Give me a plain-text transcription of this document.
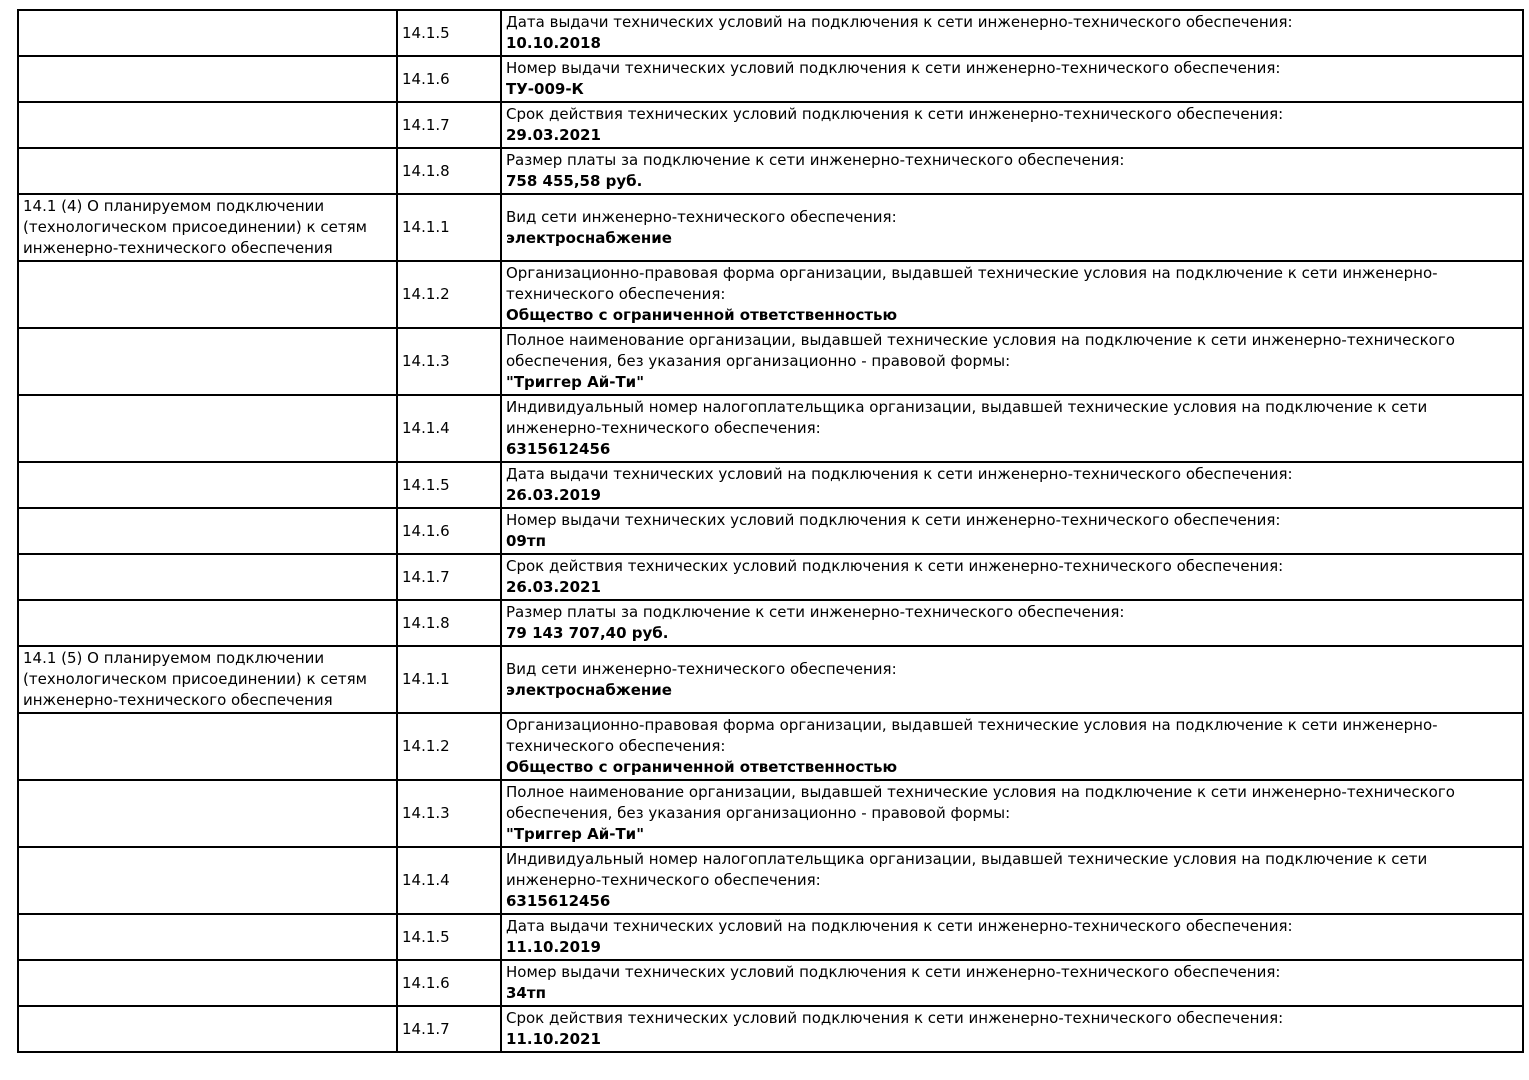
	14.1.5	Дата выдачи технических условий на подключения к сети инженерно-технического обеспечения:
10.10.2018

	14.1.6	Номер выдачи технических условий подключения к сети инженерно-технического обеспечения:
ТУ-009-К

	14.1.7	Срок действия технических условий подключения к сети инженерно-технического обеспечения:
29.03.2021

	14.1.8	Размер платы за подключение к сети инженерно-технического обеспечения:
758 455,58 руб.

14.1 (4) О планируемом подключении (технологическом присоединении) к сетям инженерно-технического обеспечения	14.1.1	Вид сети инженерно-технического обеспечения:
электроснабжение

	14.1.2	Организационно-правовая форма организации, выдавшей технические условия на подключение к сети инженерно-технического обеспечения:
Общество с ограниченной ответственностью

	14.1.3	Полное наименование организации, выдавшей технические условия на подключение к сети инженерно-технического обеспечения, без указания организационно - правовой формы:
"Триггер Ай-Ти"

	14.1.4	Индивидуальный номер налогоплательщика организации, выдавшей технические условия на подключение к сети инженерно-технического обеспечения:
6315612456

	14.1.5	Дата выдачи технических условий на подключения к сети инженерно-технического обеспечения:
26.03.2019

	14.1.6	Номер выдачи технических условий подключения к сети инженерно-технического обеспечения:
09тп

	14.1.7	Срок действия технических условий подключения к сети инженерно-технического обеспечения:
26.03.2021

	14.1.8	Размер платы за подключение к сети инженерно-технического обеспечения:
79 143 707,40 руб.

14.1 (5) О планируемом подключении (технологическом присоединении) к сетям инженерно-технического обеспечения	14.1.1	Вид сети инженерно-технического обеспечения:
электроснабжение

	14.1.2	Организационно-правовая форма организации, выдавшей технические условия на подключение к сети инженерно-технического обеспечения:
Общество с ограниченной ответственностью

	14.1.3	Полное наименование организации, выдавшей технические условия на подключение к сети инженерно-технического обеспечения, без указания организационно - правовой формы:
"Триггер Ай-Ти"

	14.1.4	Индивидуальный номер налогоплательщика организации, выдавшей технические условия на подключение к сети инженерно-технического обеспечения:
6315612456

	14.1.5	Дата выдачи технических условий на подключения к сети инженерно-технического обеспечения:
11.10.2019

	14.1.6	Номер выдачи технических условий подключения к сети инженерно-технического обеспечения:
34тп

	14.1.7	Срок действия технических условий подключения к сети инженерно-технического обеспечения:
11.10.2021
